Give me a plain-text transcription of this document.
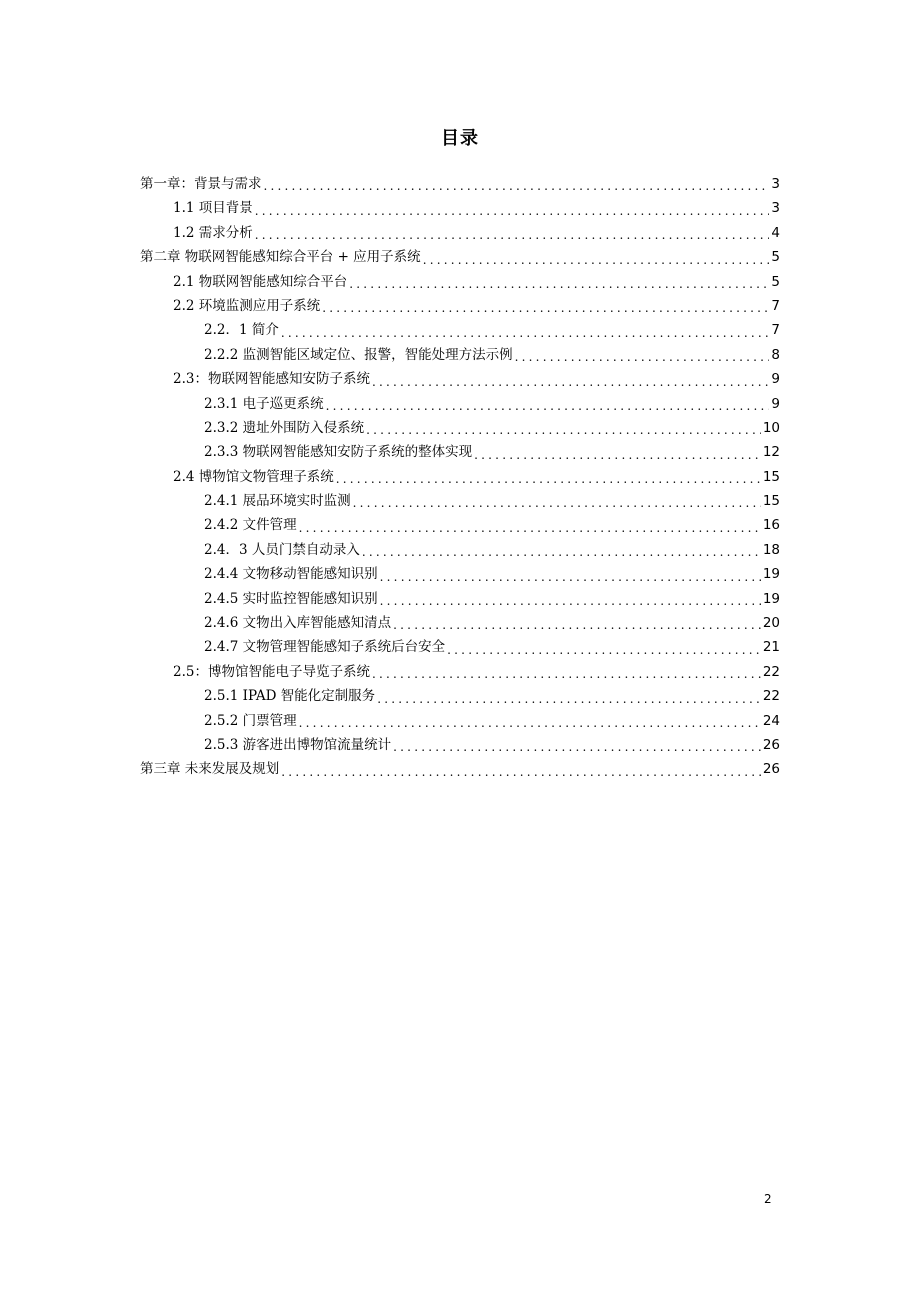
目录
第一章：背景与需求 .....	3
1.1 项目背景 .....	3
1.2 需求分析 .....	4
第二章 物联网智能感知综合平台 + 应用子系统 .....	5
2.1 物联网智能感知综合平台 .....	5
2.2 环境监测应用子系统 .....	7
2.2．1 简介 .....	7
2.2.2 监测智能区域定位、报警，智能处理方法示例 .....	8
2.3：物联网智能感知安防子系统 .....	9
2.3.1 电子巡更系统 .....	9
2.3.2 遗址外围防入侵系统 .....	10
2.3.3 物联网智能感知安防子系统的整体实现 .....	12
2.4 博物馆文物管理子系统 .....	15
2.4.1 展品环境实时监测 .....	15
2.4.2 文件管理 .....	16
2.4．3 人员门禁自动录入 .....	18
2.4.4 文物移动智能感知识别 .....	19
2.4.5 实时监控智能感知识别 .....	19
2.4.6 文物出入库智能感知清点 .....	20
2.4.7 文物管理智能感知子系统后台安全 .....	21
2.5：博物馆智能电子导览子系统 .....	22
2.5.1 IPAD 智能化定制服务 .....	22
2.5.2 门票管理 .....	24
2.5.3 游客进出博物馆流量统计 .....	26
第三章 未来发展及规划 .....	26
2
